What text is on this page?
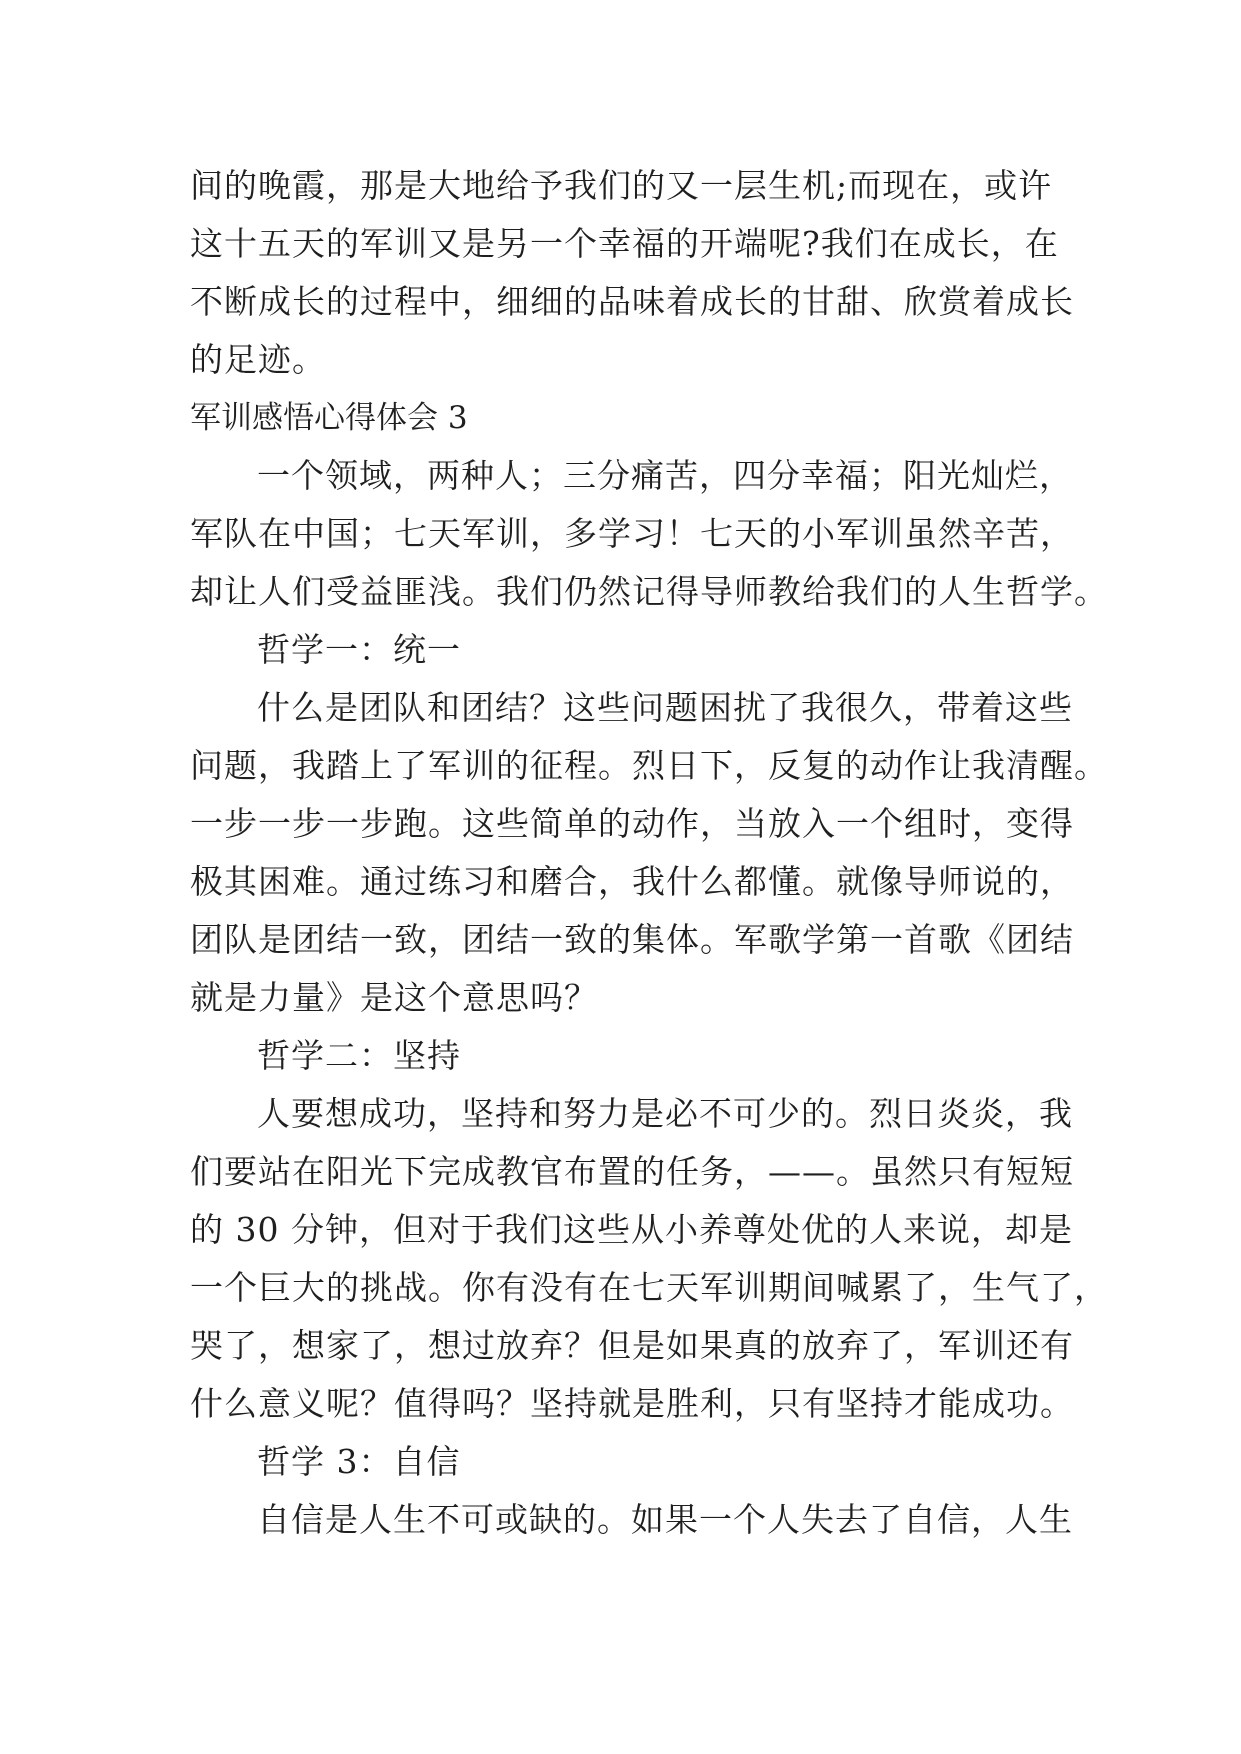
间的晚霞，那是大地给予我们的又一层生机;而现在，或许
这十五天的军训又是另一个幸福的开端呢?我们在成长，在
不断成长的过程中，细细的品味着成长的甘甜、欣赏着成长
的足迹。
军训感悟心得体会 3
一个领域，两种人；三分痛苦，四分幸福；阳光灿烂，
军队在中国；七天军训，多学习！七天的小军训虽然辛苦，
却让人们受益匪浅。我们仍然记得导师教给我们的人生哲学。
哲学一：统一
什么是团队和团结？这些问题困扰了我很久，带着这些
问题，我踏上了军训的征程。烈日下，反复的动作让我清醒。
一步一步一步跑。这些简单的动作，当放入一个组时，变得
极其困难。通过练习和磨合，我什么都懂。就像导师说的，
团队是团结一致，团结一致的集体。军歌学第一首歌《团结
就是力量》是这个意思吗？
哲学二：坚持
人要想成功，坚持和努力是必不可少的。烈日炎炎，我
们要站在阳光下完成教官布置的任务，——。虽然只有短短
的 30 分钟，但对于我们这些从小养尊处优的人来说，却是
一个巨大的挑战。你有没有在七天军训期间喊累了，生气了，
哭了，想家了，想过放弃？但是如果真的放弃了，军训还有
什么意义呢？值得吗？坚持就是胜利，只有坚持才能成功。
哲学 3：自信
自信是人生不可或缺的。如果一个人失去了自信，人生
